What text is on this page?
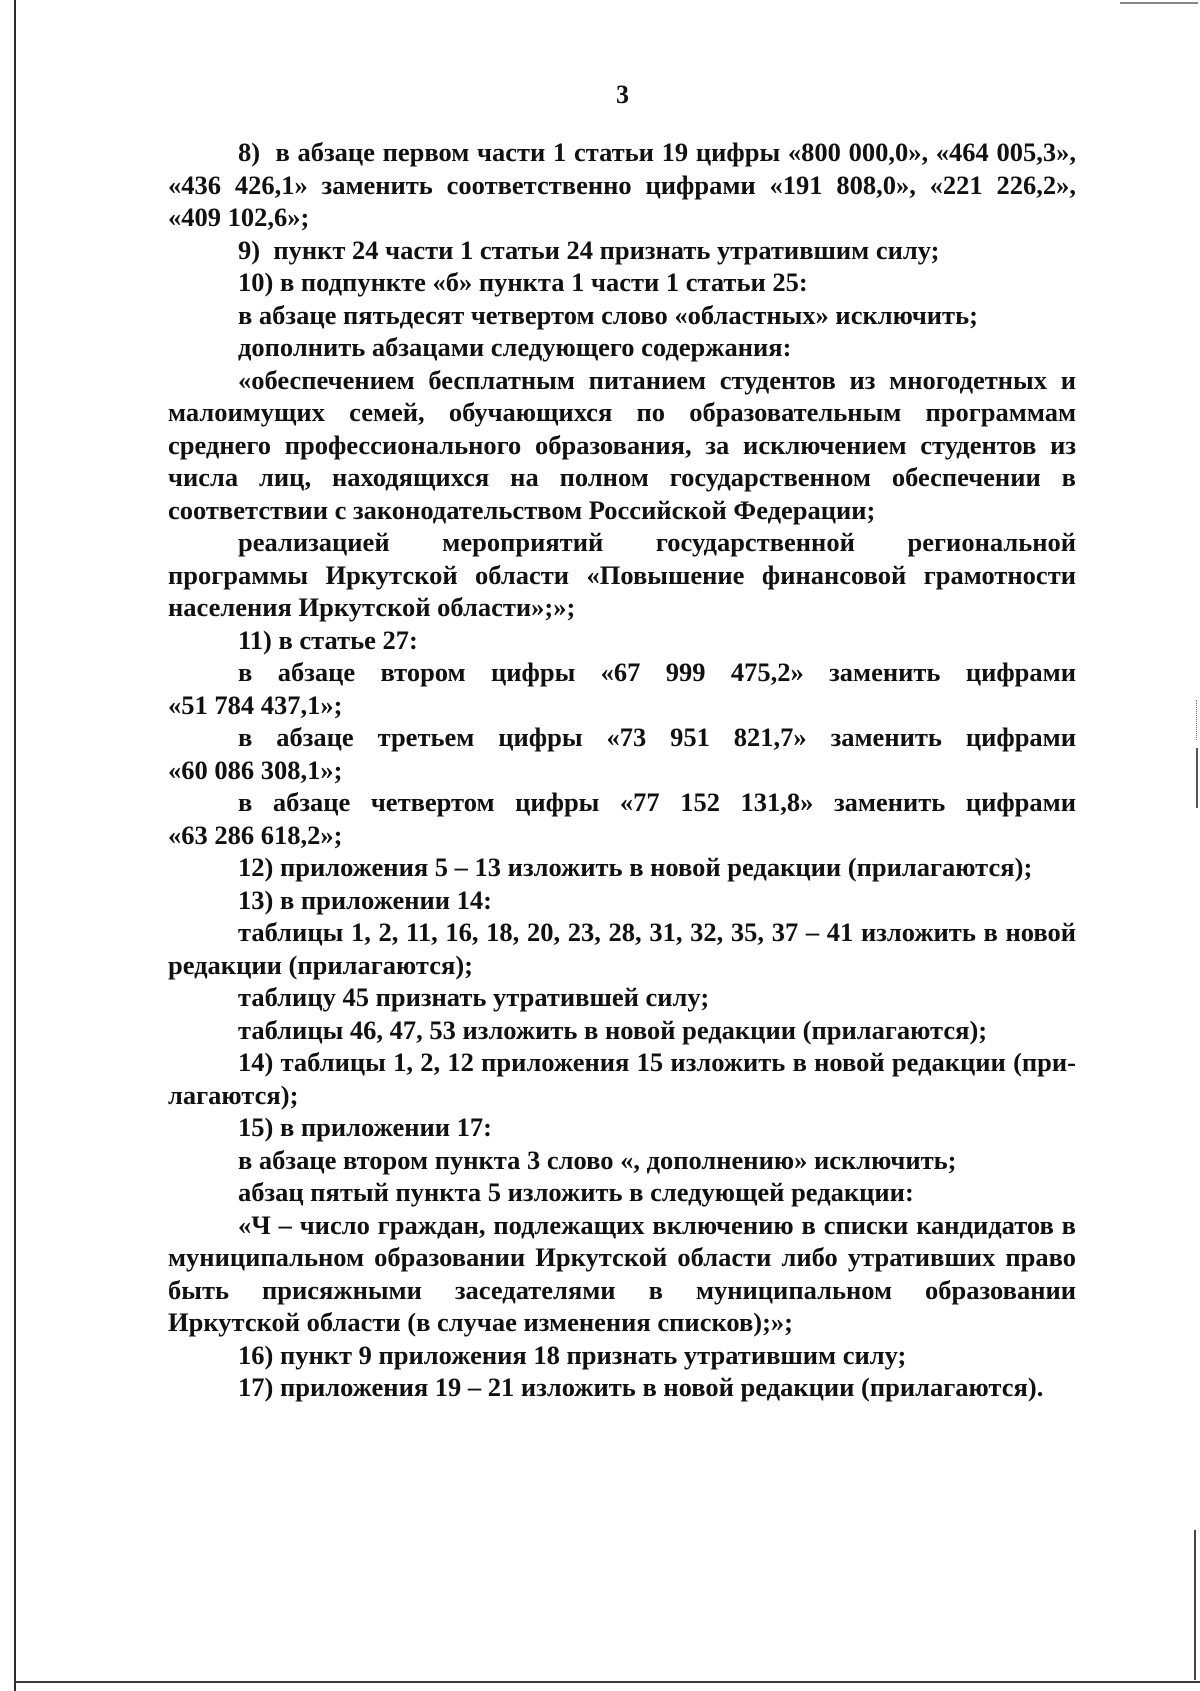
3

8)  в абзаце первом части 1 статьи 19 цифры «800 000,0», «464 005,3», «436 426,1» заменить соответственно цифрами «191 808,0», «221 226,2», «409 102,6»;

9)  пункт 24 части 1 статьи 24 признать утратившим силу;

10) в подпункте «б» пункта 1 части 1 статьи 25:

в абзаце пятьдесят четвертом слово «областных» исключить;

дополнить абзацами следующего содержания:

«обеспечением бесплатным питанием студентов из многодетных и малоимущих семей, обучающихся по образовательным программам среднего профессионального образования, за исключением студентов из числа лиц, находящихся на полном государственном обеспечении в соответствии с законодательством Российской Федерации;

реализацией мероприятий государственной региональной программы Иркутской области «Повышение финансовой грамотности населения Иркутской области»;»;

11) в статье 27:

в абзаце втором цифры «67 999 475,2» заменить цифрами «51 784 437,1»;

в абзаце третьем цифры «73 951 821,7» заменить цифрами «60 086 308,1»;

в абзаце четвертом цифры «77 152 131,8» заменить цифрами «63 286 618,2»;

12) приложения 5 – 13 изложить в новой редакции (прилагаются);

13) в приложении 14:

таблицы 1, 2, 11, 16, 18, 20, 23, 28, 31, 32, 35, 37 – 41 изложить в новой редакции (прилагаются);

таблицу 45 признать утратившей силу;

таблицы 46, 47, 53 изложить в новой редакции (прилагаются);

14) таблицы 1, 2, 12 приложения 15 изложить в новой редакции (прилагаются);

15) в приложении 17:

в абзаце втором пункта 3 слово «, дополнению» исключить;

абзац пятый пункта 5 изложить в следующей редакции:

«Ч – число граждан, подлежащих включению в списки кандидатов в муниципальном образовании Иркутской области либо утративших право быть присяжными заседателями в муниципальном образовании Иркутской области (в случае изменения списков);»;

16) пункт 9 приложения 18 признать утратившим силу;

17) приложения 19 – 21 изложить в новой редакции (прилагаются).
